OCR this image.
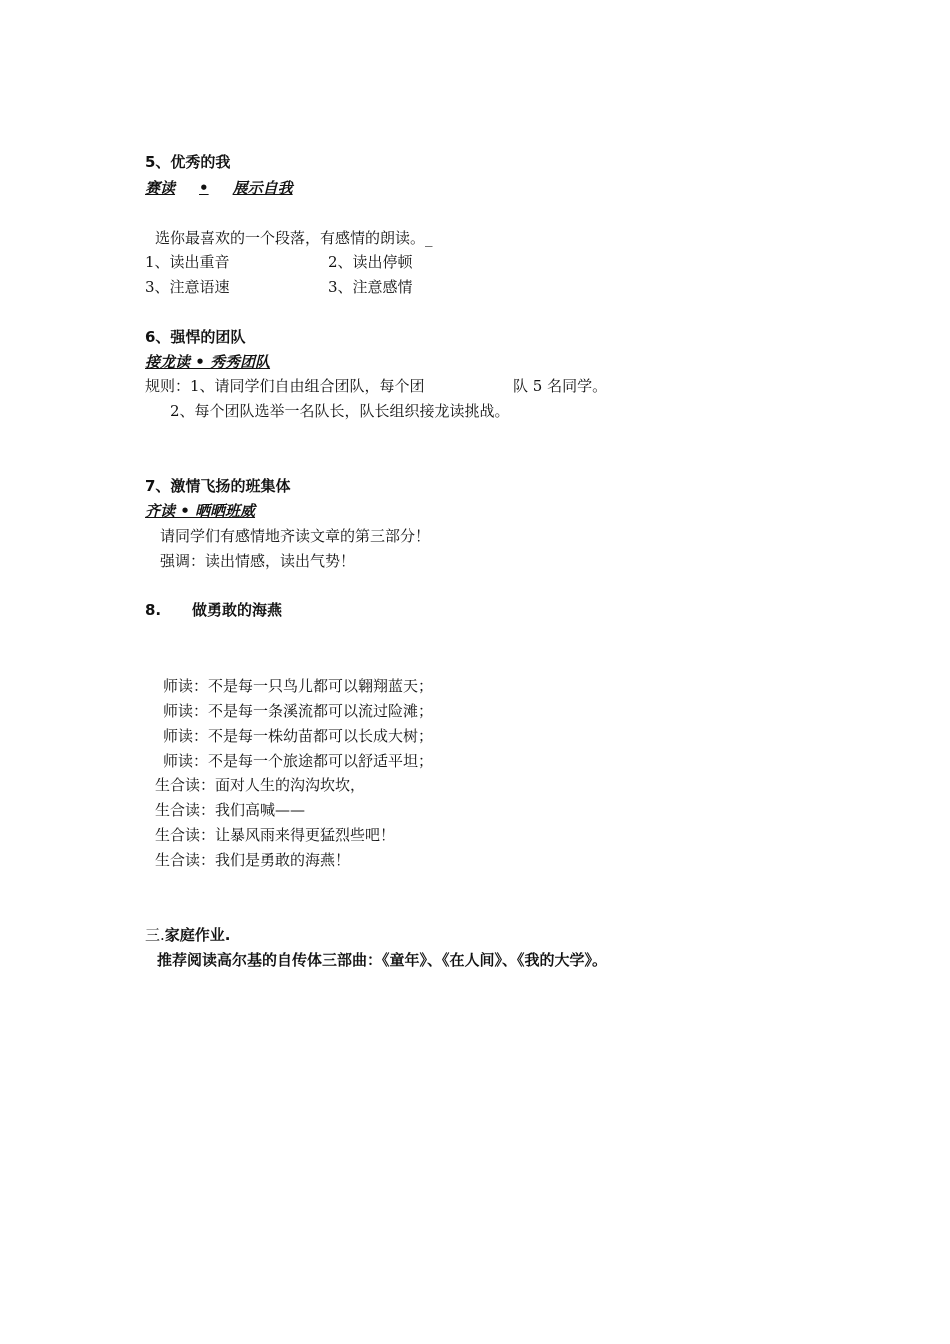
5、优秀的我
赛读 • 展示自我
选你最喜欢的一个段落，有感情的朗读。_
1、读出重音	2、读出停顿
3、注意语速	3、注意感情
6、强悍的团队
接龙读 • 秀秀团队
规则：1、请同学们自由组合团队，每个团	队 5 名同学。
2、每个团队选举一名队长，队长组织接龙读挑战。
7、激情飞扬的班集体
齐读 • 晒晒班威
请同学们有感情地齐读文章的第三部分！
强调：读出情感，读出气势！
8. 做勇敢的海燕
师读：不是每一只鸟儿都可以翱翔蓝天；
师读：不是每一条溪流都可以流过险滩；
师读：不是每一株幼苗都可以长成大树；
师读：不是每一个旅途都可以舒适平坦；
生合读：面对人生的沟沟坎坎，
生合读：我们高喊——
生合读：让暴风雨来得更猛烈些吧！
生合读：我们是勇敢的海燕！
三.家庭作业.
推荐阅读高尔基的自传体三部曲：《童年》、《在人间》、《我的大学》。
